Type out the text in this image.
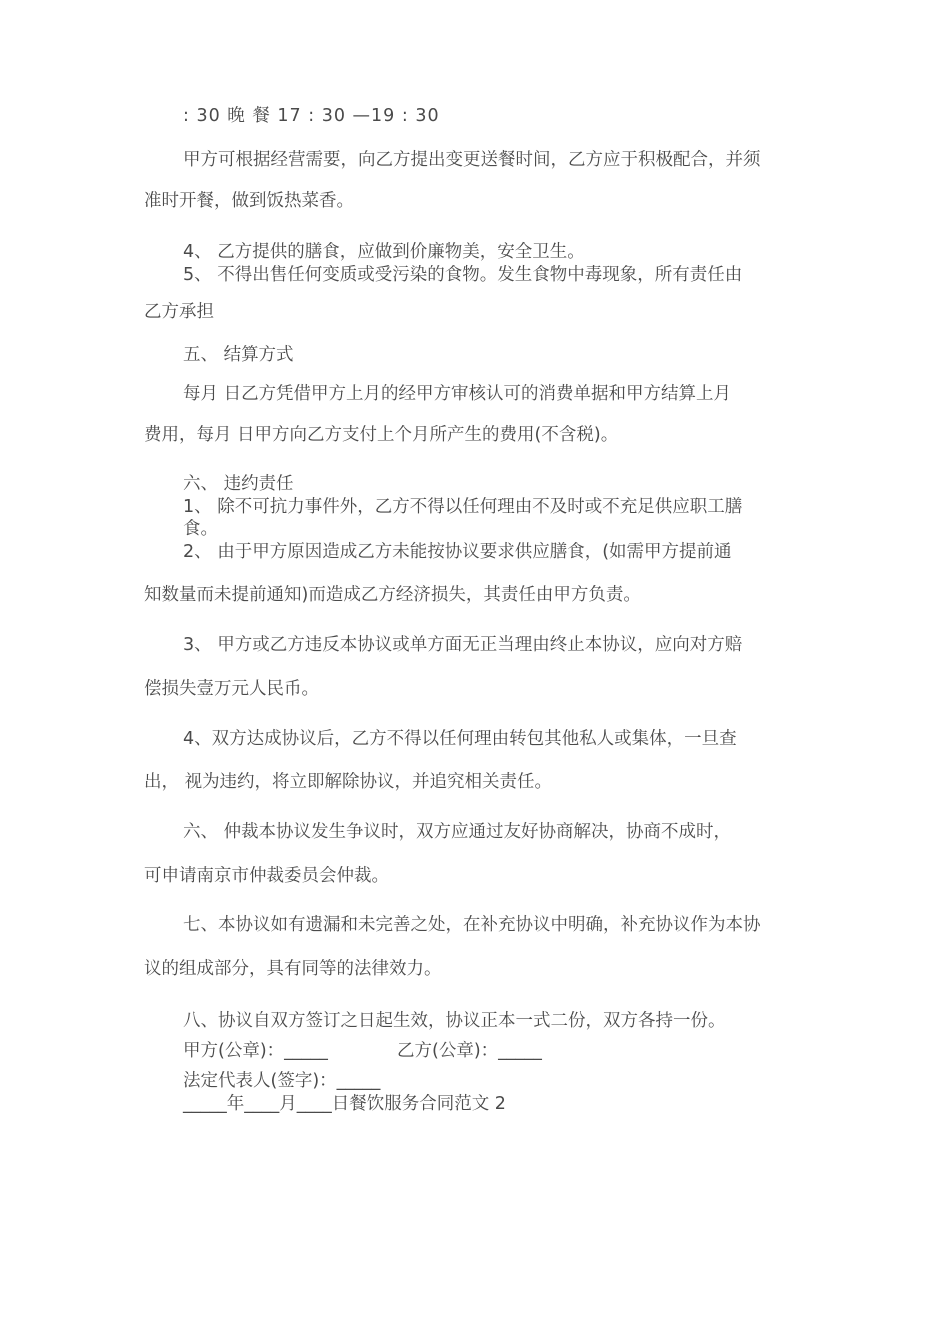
: 30 晚 餐 17 : 30 —19 : 30
甲方可根据经营需要，向乙方提出变更送餐时间，乙方应于积极配合，并须
准时开餐，做到饭热菜香。
4、 乙方提供的膳食，应做到价廉物美，安全卫生。
5、 不得出售任何变质或受污染的食物。发生食物中毒现象，所有责任由
乙方承担
五、 结算方式
每月 日乙方凭借甲方上月的经甲方审核认可的消费单据和甲方结算上月
费用，每月 日甲方向乙方支付上个月所产生的费用(不含税)。
六、 违约责任
1、 除不可抗力事件外，乙方不得以任何理由不及时或不充足供应职工膳
食。
2、 由于甲方原因造成乙方未能按协议要求供应膳食，(如需甲方提前通
知数量而未提前通知)而造成乙方经济损失，其责任由甲方负责。
3、 甲方或乙方违反本协议或单方面无正当理由终止本协议，应向对方赔
偿损失壹万元人民币。
4、双方达成协议后，乙方不得以任何理由转包其他私人或集体，一旦查
出， 视为违约，将立即解除协议，并追究相关责任。
六、 仲裁本协议发生争议时，双方应通过友好协商解决，协商不成时，
可申请南京市仲裁委员会仲裁。
七、本协议如有遗漏和未完善之处，在补充协议中明确，补充协议作为本协
议的组成部分，具有同等的法律效力。
八、协议自双方签订之日起生效，协议正本一式二份，双方各持一份。
甲方(公章)：_____	乙方(公章)：_____
法定代表人(签字)：_____
_____年____月____日餐饮服务合同范文 2
